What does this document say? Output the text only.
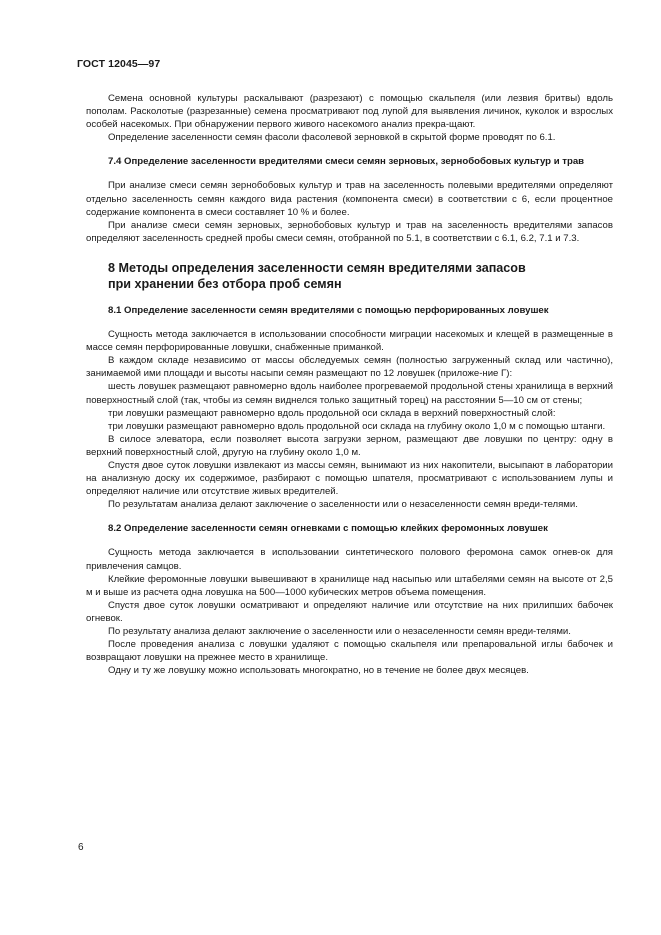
ГОСТ 12045—97

Семена основной культуры раскалывают (разрезают) с помощью скальпеля (или лезвия бритвы) вдоль пополам. Расколотые (разрезанные) семена просматривают под лупой для выявления личинок, куколок и взрослых особей насекомых. При обнаружении первого живого насекомого анализ прекра-щают.

Определение заселенности семян фасоли фасолевой зерновкой в скрытой форме проводят по 6.1.

7.4 Определение заселенности вредителями смеси семян зерновых, зернобобовых культур и трав

При анализе смеси семян зернобобовых культур и трав на заселенность полевыми вредителями определяют отдельно заселенность семян каждого вида растения (компонента смеси) в соответствии с 6, если процентное содержание компонента в смеси составляет 10 % и более.

При анализе смеси семян зерновых, зернобобовых культур и трав на заселенность вредителями запасов определяют заселенность средней пробы смеси семян, отобранной по 5.1, в соответствии с 6.1, 6.2, 7.1 и 7.3.

8 Методы определения заселенности семян вредителями запасов
при хранении без отбора проб семян

8.1 Определение заселенности семян вредителями с помощью перфорированных ловушек

Сущность метода заключается в использовании способности миграции насекомых и клещей в размещенные в массе семян перфорированные ловушки, снабженные приманкой.

В каждом складе независимо от массы обследуемых семян (полностью загруженный склад или частично), занимаемой ими площади и высоты насыпи семян размещают по 12 ловушек (приложе-ние Г):

шесть ловушек размещают равномерно вдоль наиболее прогреваемой продольной стены хранилища в верхний поверхностный слой (так, чтобы из семян виднелся только защитный торец) на расстоянии 5—10 см от стены;

три ловушки размещают равномерно вдоль продольной оси склада в верхний поверхностный слой:

три ловушки размещают равномерно вдоль продольной оси склада на глубину около 1,0 м с помощью штанги.

В силосе элеватора, если позволяет высота загрузки зерном, размещают две ловушки по центру: одну в верхний поверхностный слой, другую на глубину около 1,0 м.

Спустя двое суток ловушки извлекают из массы семян, вынимают из них накопители, высыпают в лаборатории на анализную доску их содержимое, разбирают с помощью шпателя, просматривают с использованием лупы и определяют наличие или отсутствие живых вредителей.

По результатам анализа делают заключение о заселенности или о незаселенности семян вреди-телями.

8.2 Определение заселенности семян огневками с помощью клейких феромонных ловушек

Сущность метода заключается в использовании синтетического полового феромона самок огнев-ок для привлечения самцов.

Клейкие феромонные ловушки вывешивают в хранилище над насыпью или штабелями семян на высоте от 2,5 м и выше из расчета одна ловушка на 500—1000 кубических метров объема помещения.

Спустя двое суток ловушки осматривают и определяют наличие или отсутствие на них прилипших бабочек огневок.

По результату анализа делают заключение о заселенности или о незаселенности семян вреди-телями.

После проведения анализа с ловушки удаляют с помощью скальпеля или препаровальной иглы бабочек и возвращают ловушки на прежнее место в хранилище.

Одну и ту же ловушку можно использовать многократно, но в течение не более двух месяцев.

6
